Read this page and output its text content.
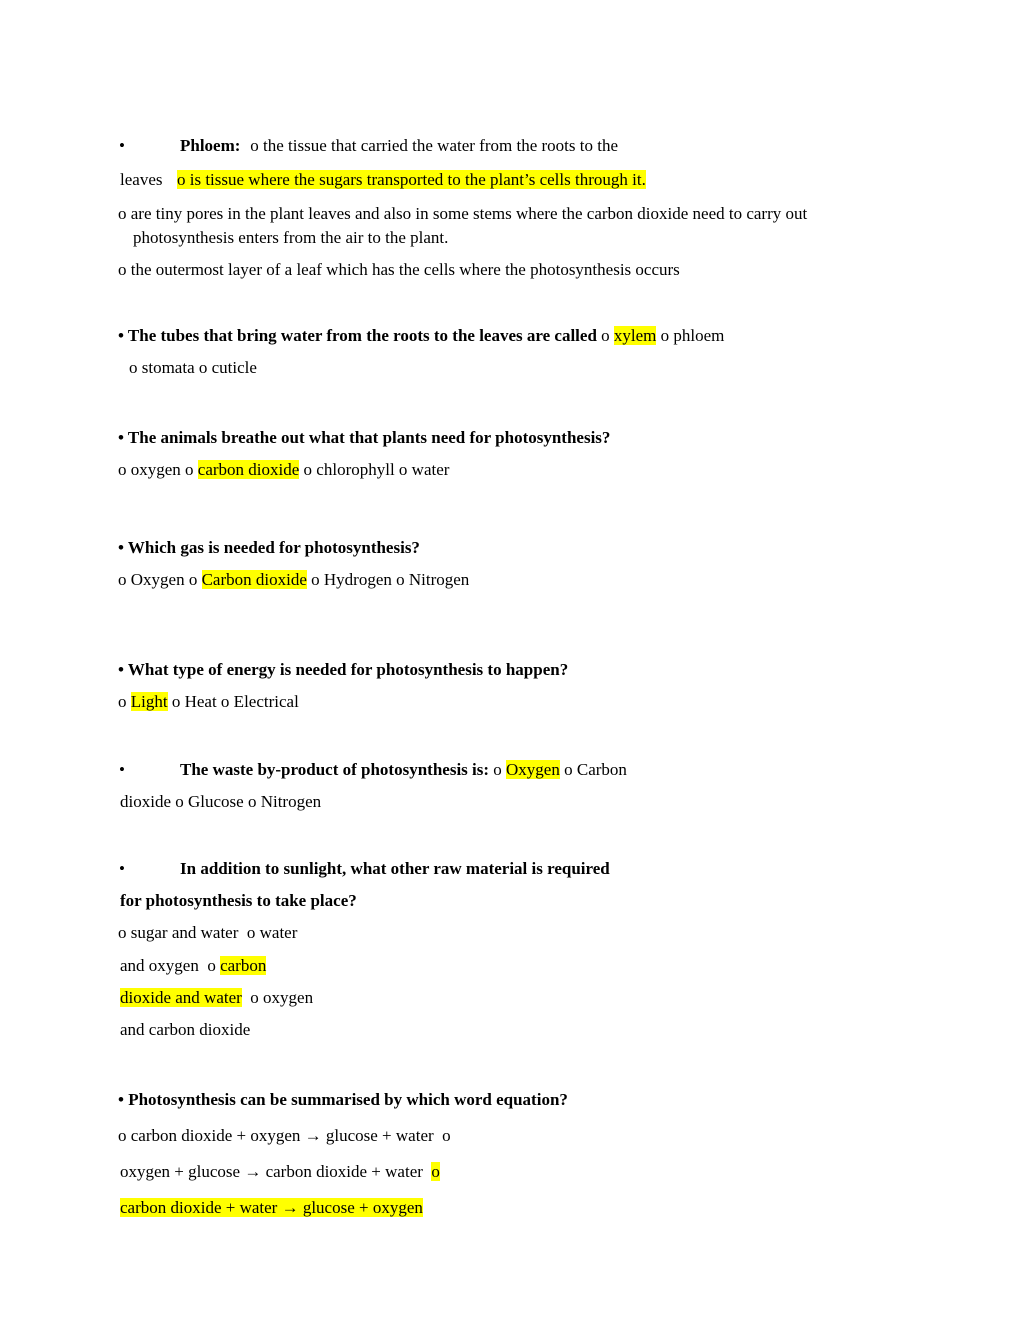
•	Phloem: o the tissue that carried the water from the roots to the
leaves o is tissue where the sugars transported to the plant’s cells through it.
o are tiny pores in the plant leaves and also in some stems where the carbon dioxide need to carry out
photosynthesis enters from the air to the plant.
o the outermost layer of a leaf which has the cells where the photosynthesis occurs
• The tubes that bring water from the roots to the leaves are called o xylem o phloem
o stomata o cuticle
• The animals breathe out what that plants need for photosynthesis?
o oxygen o carbon dioxide o chlorophyll o water
• Which gas is needed for photosynthesis?
o Oxygen o Carbon dioxide o Hydrogen o Nitrogen
• What type of energy is needed for photosynthesis to happen?
o Light o Heat o Electrical
•	The waste by-product of photosynthesis is: o Oxygen o Carbon
dioxide o Glucose o Nitrogen
•	In addition to sunlight, what other raw material is required
for photosynthesis to take place?
o sugar and water  o water
and oxygen  o carbon
dioxide and water  o oxygen
and carbon dioxide
• Photosynthesis can be summarised by which word equation?
o carbon dioxide + oxygen → glucose + water  o
oxygen + glucose → carbon dioxide + water  o
carbon dioxide + water → glucose + oxygen
